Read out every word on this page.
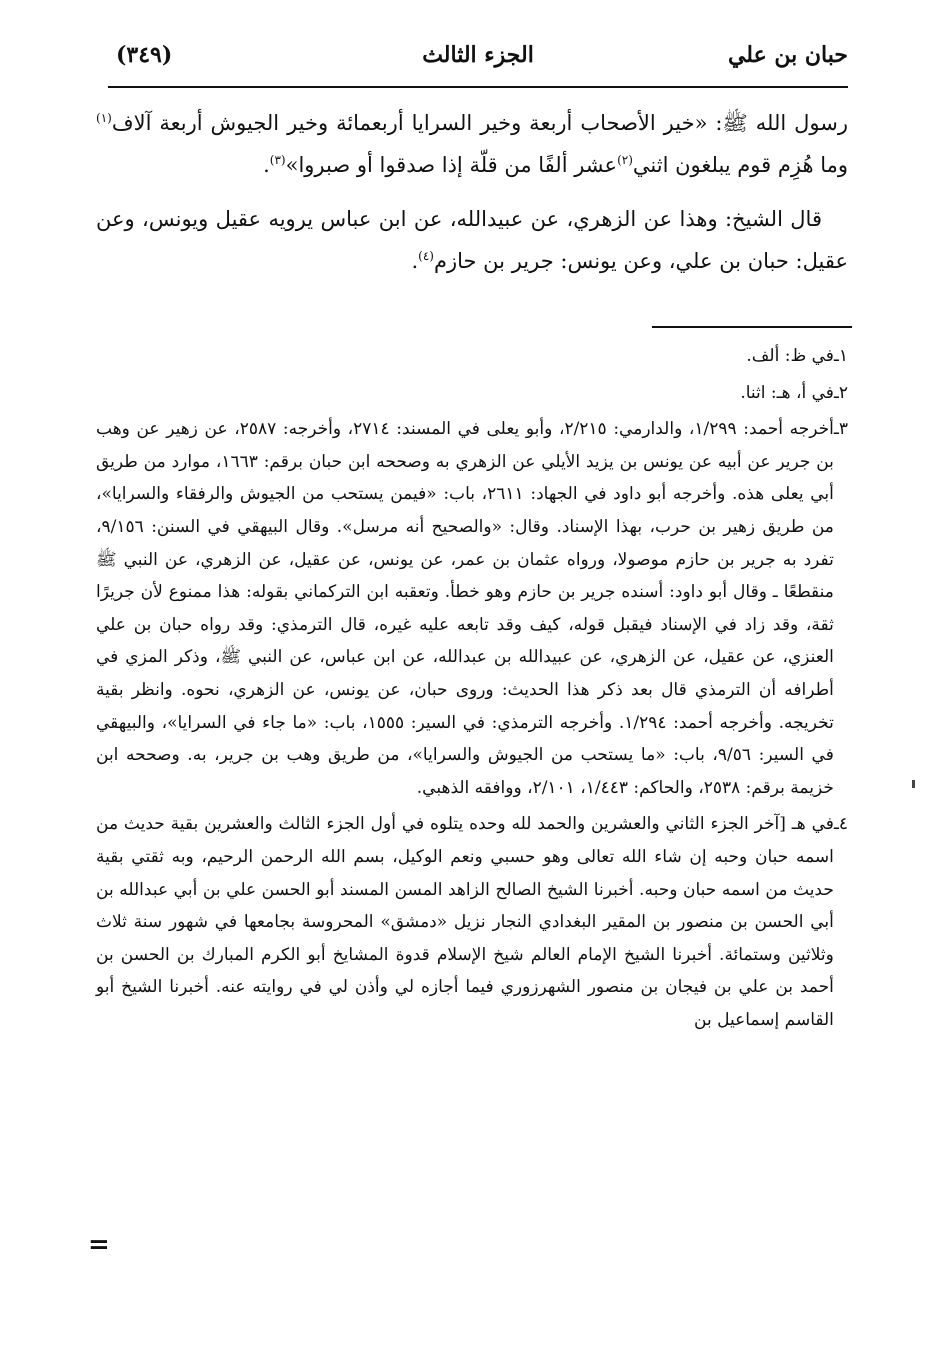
حبان بن علي
الجزء الثالث
(٣٤٩)

رسول الله ﷺ: «خير الأصحاب أربعة وخير السرايا أربعمائة وخير الجيوش أربعة آلاف$^{(١)}$ وما هُزِم قوم يبلغون اثني$^{(٢)}$عشر ألفًا من قلّة إذا صدقوا أو صبروا»$^{(٣)}$.

قال الشيخ: وهذا عن الزهري، عن عبيدالله، عن ابن عباس يرويه عقيل ويونس، وعن عقيل: حبان بن علي، وعن يونس: جرير بن حازم$^{(٤)}$.

١ـ
في ظ: ألف.
٢ـ
في أ، هـ: اثنا.
٣ـ
أخرجه أحمد: ١/٢٩٩، والدارمي: ٢/٢١٥، وأبو يعلى في المسند: ٢٧١٤، وأخرجه: ٢٥٨٧، عن زهير عن وهب بن جرير عن أبيه عن يونس بن يزيد الأيلي عن الزهري به وصححه ابن حبان برقم: ١٦٦٣، موارد من طريق أبي يعلى هذه. وأخرجه أبو داود في الجهاد: ٢٦١١، باب: «فيمن يستحب من الجيوش والرفقاء والسرايا»، من طريق زهير بن حرب، بهذا الإسناد. وقال: «والصحيح أنه مرسل». وقال البيهقي في السنن: ٩/١٥٦، تفرد به جرير بن حازم موصولا، ورواه عثمان بن عمر، عن يونس، عن عقيل، عن الزهري، عن النبي ﷺ منقطعًا ـ وقال أبو داود: أسنده جرير بن حازم وهو خطأ. وتعقبه ابن التركماني بقوله: هذا ممنوع لأن جريرًا ثقة، وقد زاد في الإسناد فيقبل قوله، كيف وقد تابعه عليه غيره، قال الترمذي: وقد رواه حبان بن علي العنزي، عن عقيل، عن الزهري، عن عبيدالله بن عبدالله، عن ابن عباس، عن النبي ﷺ، وذكر المزي في أطرافه أن الترمذي قال بعد ذكر هذا الحديث: وروى حبان، عن يونس، عن الزهري، نحوه. وانظر بقية تخريجه. وأخرجه أحمد: ١/٢٩٤. وأخرجه الترمذي: في السير: ١٥٥٥، باب: «ما جاء في السرايا»، والبيهقي في السير: ٩/٥٦، باب: «ما يستحب من الجيوش والسرايا»، من طريق وهب بن جرير، به. وصححه ابن خزيمة برقم: ٢٥٣٨، والحاكم: ١/٤٤٣، ٢/١٠١، ووافقه الذهبي.
٤ـ
في هـ [آخر الجزء الثاني والعشرين والحمد لله وحده يتلوه في أول الجزء الثالث والعشرين بقية حديث من اسمه حبان وحبه إن شاء الله تعالى وهو حسبي ونعم الوكيل، بسم الله الرحمن الرحيم، وبه ثقتي بقية حديث من اسمه حبان وحبه. أخبرنا الشيخ الصالح الزاهد المسن المسند أبو الحسن علي بن أبي عبدالله بن أبي الحسن بن منصور بن المقير البغدادي النجار نزيل «دمشق» المحروسة بجامعها في شهور سنة ثلاث وثلاثين وستمائة. أخبرنا الشيخ الإمام العالم شيخ الإسلام قدوة المشايخ أبو الكرم المبارك بن الحسن بن أحمد بن علي بن فيجان بن منصور الشهرزوري فيما أجازه لي وأذن لي في روايته عنه. أخبرنا الشيخ أبو القاسم إسماعيل بن
=
